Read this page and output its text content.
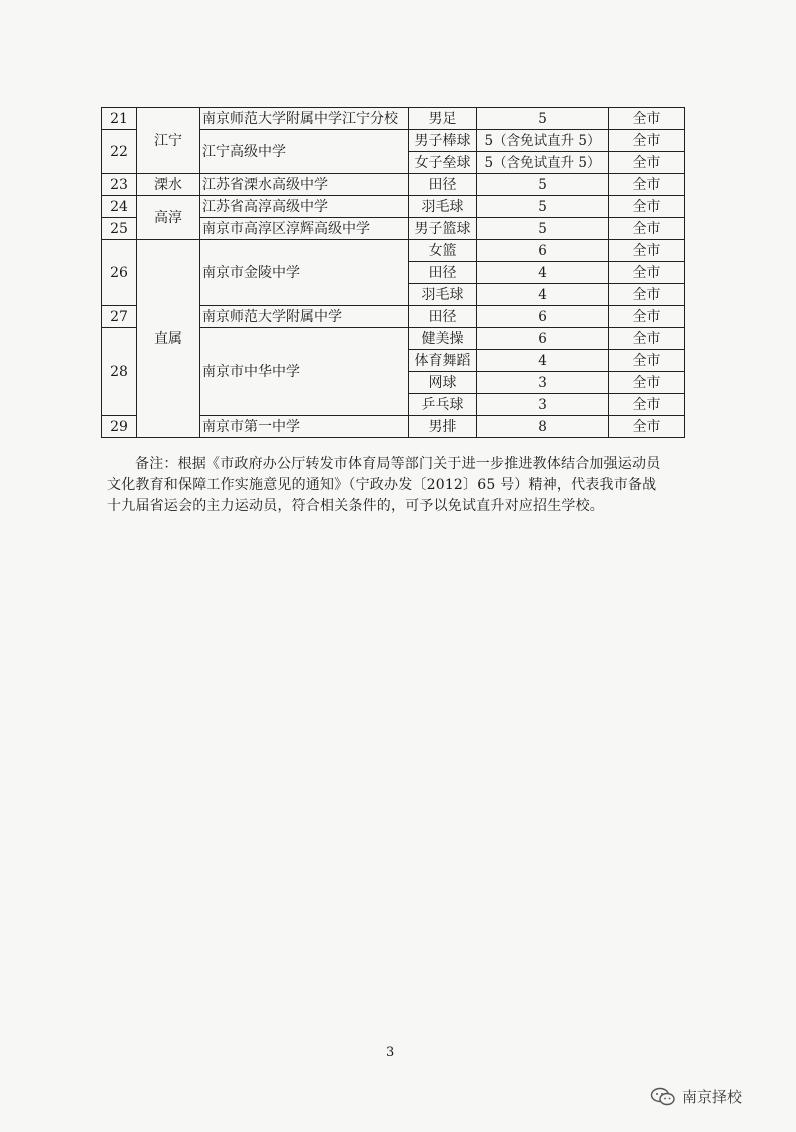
21	江宁	南京师范大学附属中学江宁分校	男足	5	全市
22		江宁高级中学	男子棒球	5（含免试直升 5）	全市
			女子垒球	5（含免试直升 5）	全市
23	溧水	江苏省溧水高级中学	田径	5	全市
24	高淳	江苏省高淳高级中学	羽毛球	5	全市
25		南京市高淳区淳辉高级中学	男子篮球	5	全市
26	直属	南京市金陵中学	女篮	6	全市
			田径	4	全市
			羽毛球	4	全市
27		南京师范大学附属中学	田径	6	全市
28		南京市中华中学	健美操	6	全市
			体育舞蹈	4	全市
			网球	3	全市
			乒乓球	3	全市
29		南京市第一中学	男排	8	全市

备注：根据《市政府办公厅转发市体育局等部门关于进一步推进教体结合加强运动员

文化教育和保障工作实施意见的通知》（宁政办发〔2012〕65 号）精神，代表我市备战

十九届省运会的主力运动员，符合相关条件的，可予以免试直升对应招生学校。

3
南京择校
